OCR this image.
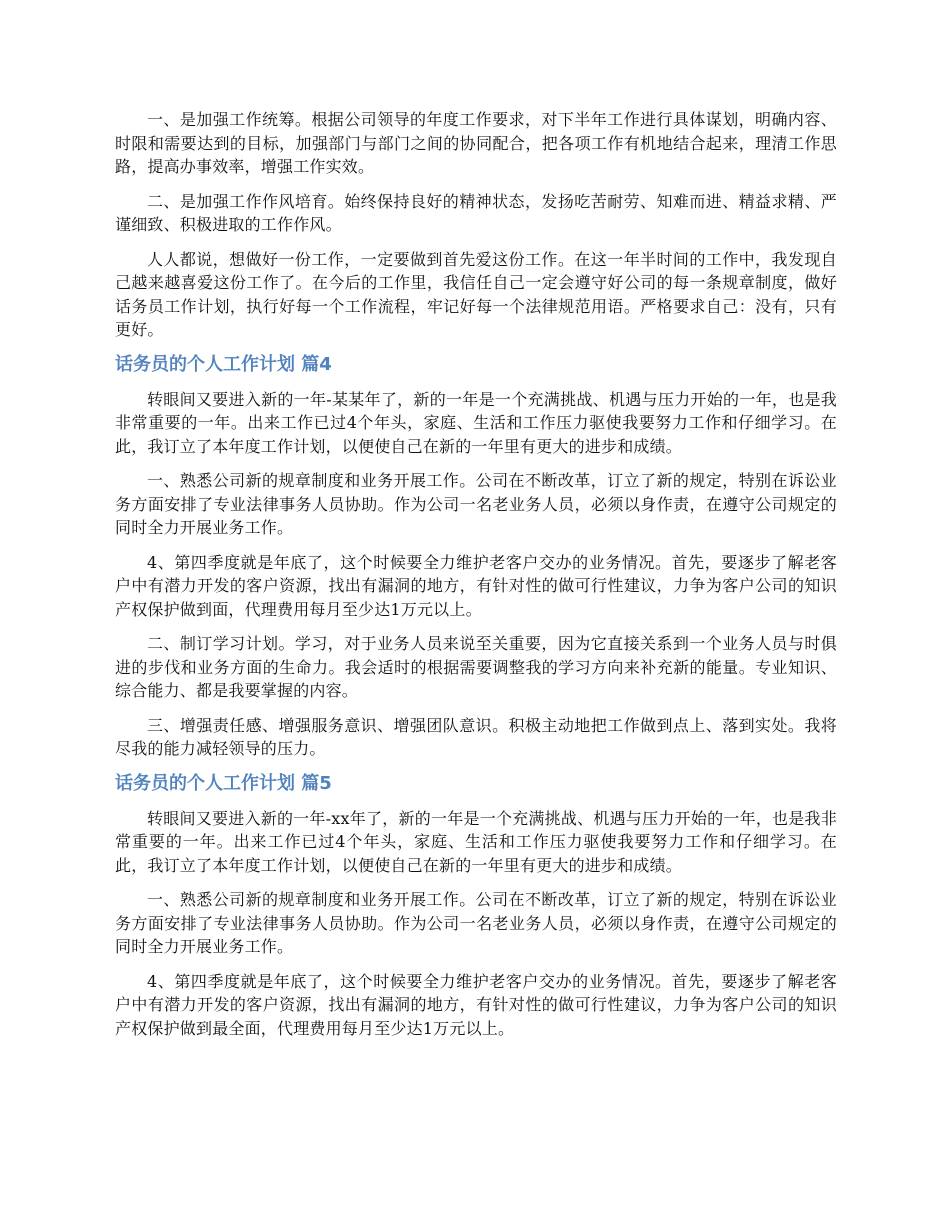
一、是加强工作统筹。根据公司领导的年度工作要求，对下半年工作进行具体谋划，明确内容、时限和需要达到的目标，加强部门与部门之间的协同配合，把各项工作有机地结合起来，理清工作思路，提高办事效率，增强工作实效。

二、是加强工作作风培育。始终保持良好的精神状态，发扬吃苦耐劳、知难而进、精益求精、严谨细致、积极进取的工作作风。

人人都说，想做好一份工作，一定要做到首先爱这份工作。在这一年半时间的工作中，我发现自己越来越喜爱这份工作了。在今后的工作里，我信任自己一定会遵守好公司的每一条规章制度，做好话务员工作计划，执行好每一个工作流程，牢记好每一个法律规范用语。严格要求自己：没有，只有更好。

话务员的个人工作计划 篇4

转眼间又要进入新的一年-某某年了，新的一年是一个充满挑战、机遇与压力开始的一年，也是我非常重要的一年。出来工作已过4个年头，家庭、生活和工作压力驱使我要努力工作和仔细学习。在此，我订立了本年度工作计划，以便使自己在新的一年里有更大的进步和成绩。

一、熟悉公司新的规章制度和业务开展工作。公司在不断改革，订立了新的规定，特别在诉讼业务方面安排了专业法律事务人员协助。作为公司一名老业务人员，必须以身作责，在遵守公司规定的同时全力开展业务工作。

4、第四季度就是年底了，这个时候要全力维护老客户交办的业务情况。首先，要逐步了解老客户中有潜力开发的客户资源，找出有漏洞的地方，有针对性的做可行性建议，力争为客户公司的知识产权保护做到面，代理费用每月至少达1万元以上。

二、制订学习计划。学习，对于业务人员来说至关重要，因为它直接关系到一个业务人员与时俱进的步伐和业务方面的生命力。我会适时的根据需要调整我的学习方向来补充新的能量。专业知识、综合能力、都是我要掌握的内容。

三、增强责任感、增强服务意识、增强团队意识。积极主动地把工作做到点上、落到实处。我将尽我的能力减轻领导的压力。

话务员的个人工作计划 篇5

转眼间又要进入新的一年-xx年了，新的一年是一个充满挑战、机遇与压力开始的一年，也是我非常重要的一年。出来工作已过4个年头，家庭、生活和工作压力驱使我要努力工作和仔细学习。在此，我订立了本年度工作计划，以便使自己在新的一年里有更大的进步和成绩。

一、熟悉公司新的规章制度和业务开展工作。公司在不断改革，订立了新的规定，特别在诉讼业务方面安排了专业法律事务人员协助。作为公司一名老业务人员，必须以身作责，在遵守公司规定的同时全力开展业务工作。

4、第四季度就是年底了，这个时候要全力维护老客户交办的业务情况。首先，要逐步了解老客户中有潜力开发的客户资源，找出有漏洞的地方，有针对性的做可行性建议，力争为客户公司的知识产权保护做到最全面，代理费用每月至少达1万元以上。
